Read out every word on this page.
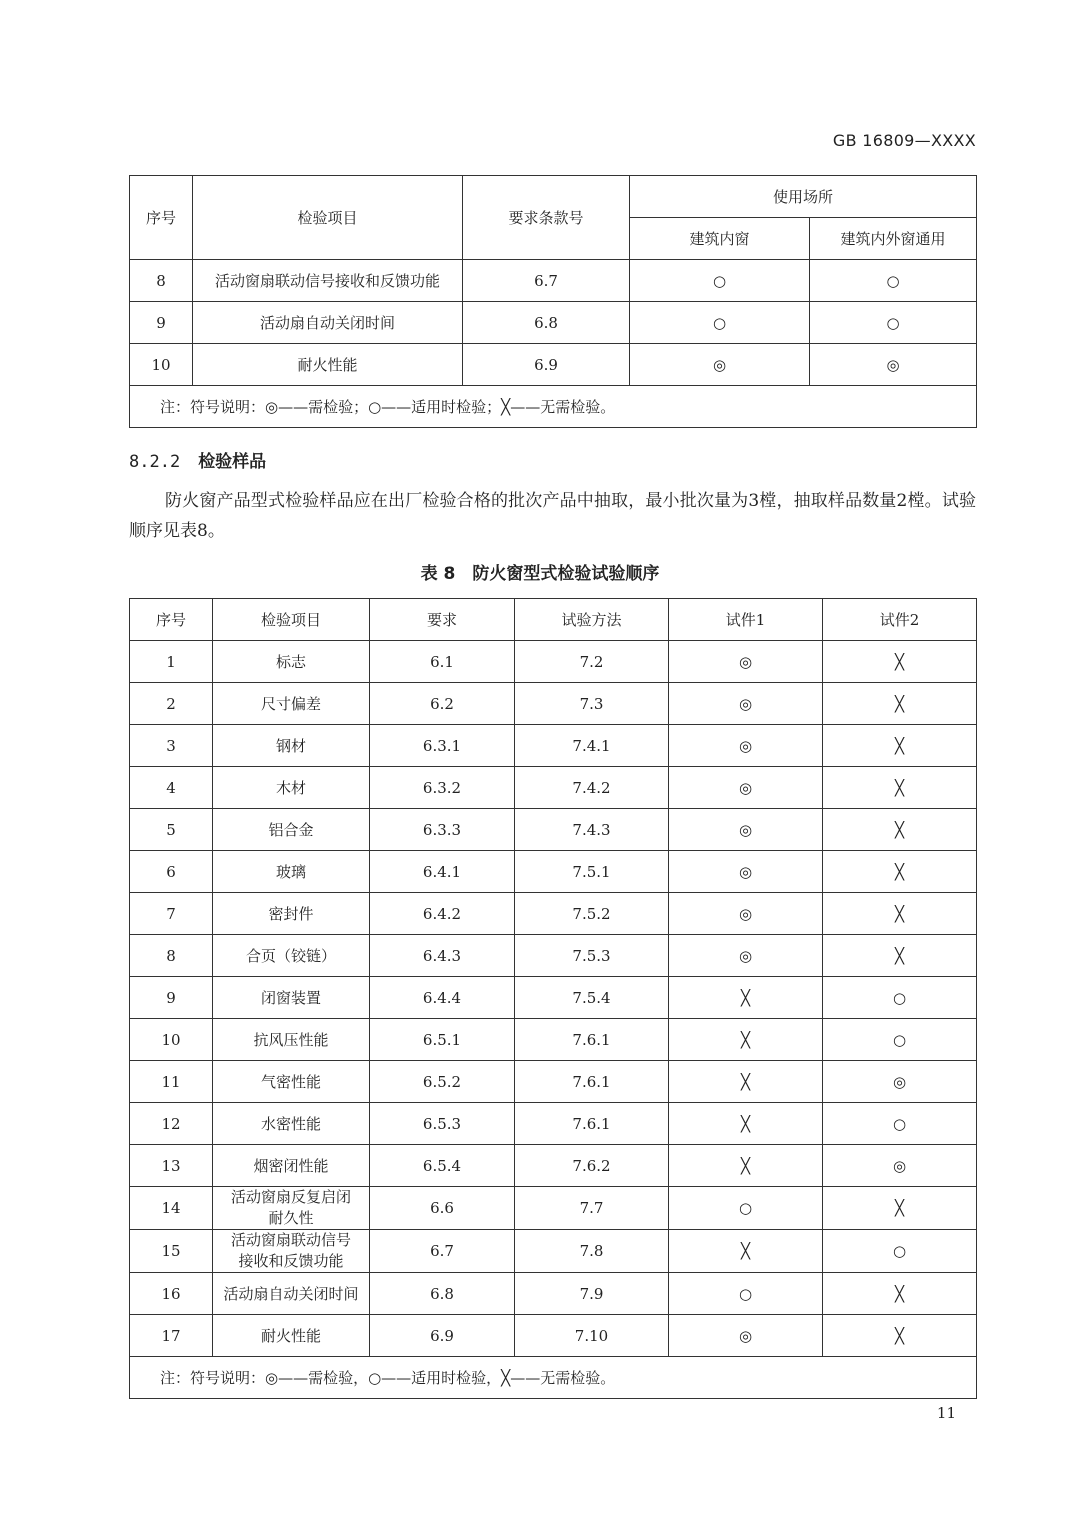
GB 16809—XXXX
序号	检验项目	要求条款号	使用场所	
			建筑内窗	建筑内外窗通用
8	活动窗扇联动信号接收和反馈功能	6.7	○	○
9	活动扇自动关闭时间	6.8	○	○
10	耐火性能	6.9	◎	◎
注：符号说明：◎——需检验；○——适用时检验；╳——无需检验。				
8.2.2 检验样品
防火窗产品型式检验样品应在出厂检验合格的批次产品中抽取，最小批次量为3樘，抽取样品数量2樘。试验顺序见表8。
表 8　防火窗型式检验试验顺序
序号	检验项目	要求	试验方法	试件1	试件2
1	标志	6.1	7.2	◎	╳
2	尺寸偏差	6.2	7.3	◎	╳
3	钢材	6.3.1	7.4.1	◎	╳
4	木材	6.3.2	7.4.2	◎	╳
5	铝合金	6.3.3	7.4.3	◎	╳
6	玻璃	6.4.1	7.5.1	◎	╳
7	密封件	6.4.2	7.5.2	◎	╳
8	合页（铰链）	6.4.3	7.5.3	◎	╳
9	闭窗装置	6.4.4	7.5.4	╳	○
10	抗风压性能	6.5.1	7.6.1	╳	○
11	气密性能	6.5.2	7.6.1	╳	◎
12	水密性能	6.5.3	7.6.1	╳	○
13	烟密闭性能	6.5.4	7.6.2	╳	◎
14	活动窗扇反复启闭
耐久性	6.6	7.7	○	╳
15	活动窗扇联动信号
接收和反馈功能	6.7	7.8	╳	○
16	活动扇自动关闭时间	6.8	7.9	○	╳
17	耐火性能	6.9	7.10	◎	╳
注：符号说明：◎——需检验，○——适用时检验，╳——无需检验。					
11
